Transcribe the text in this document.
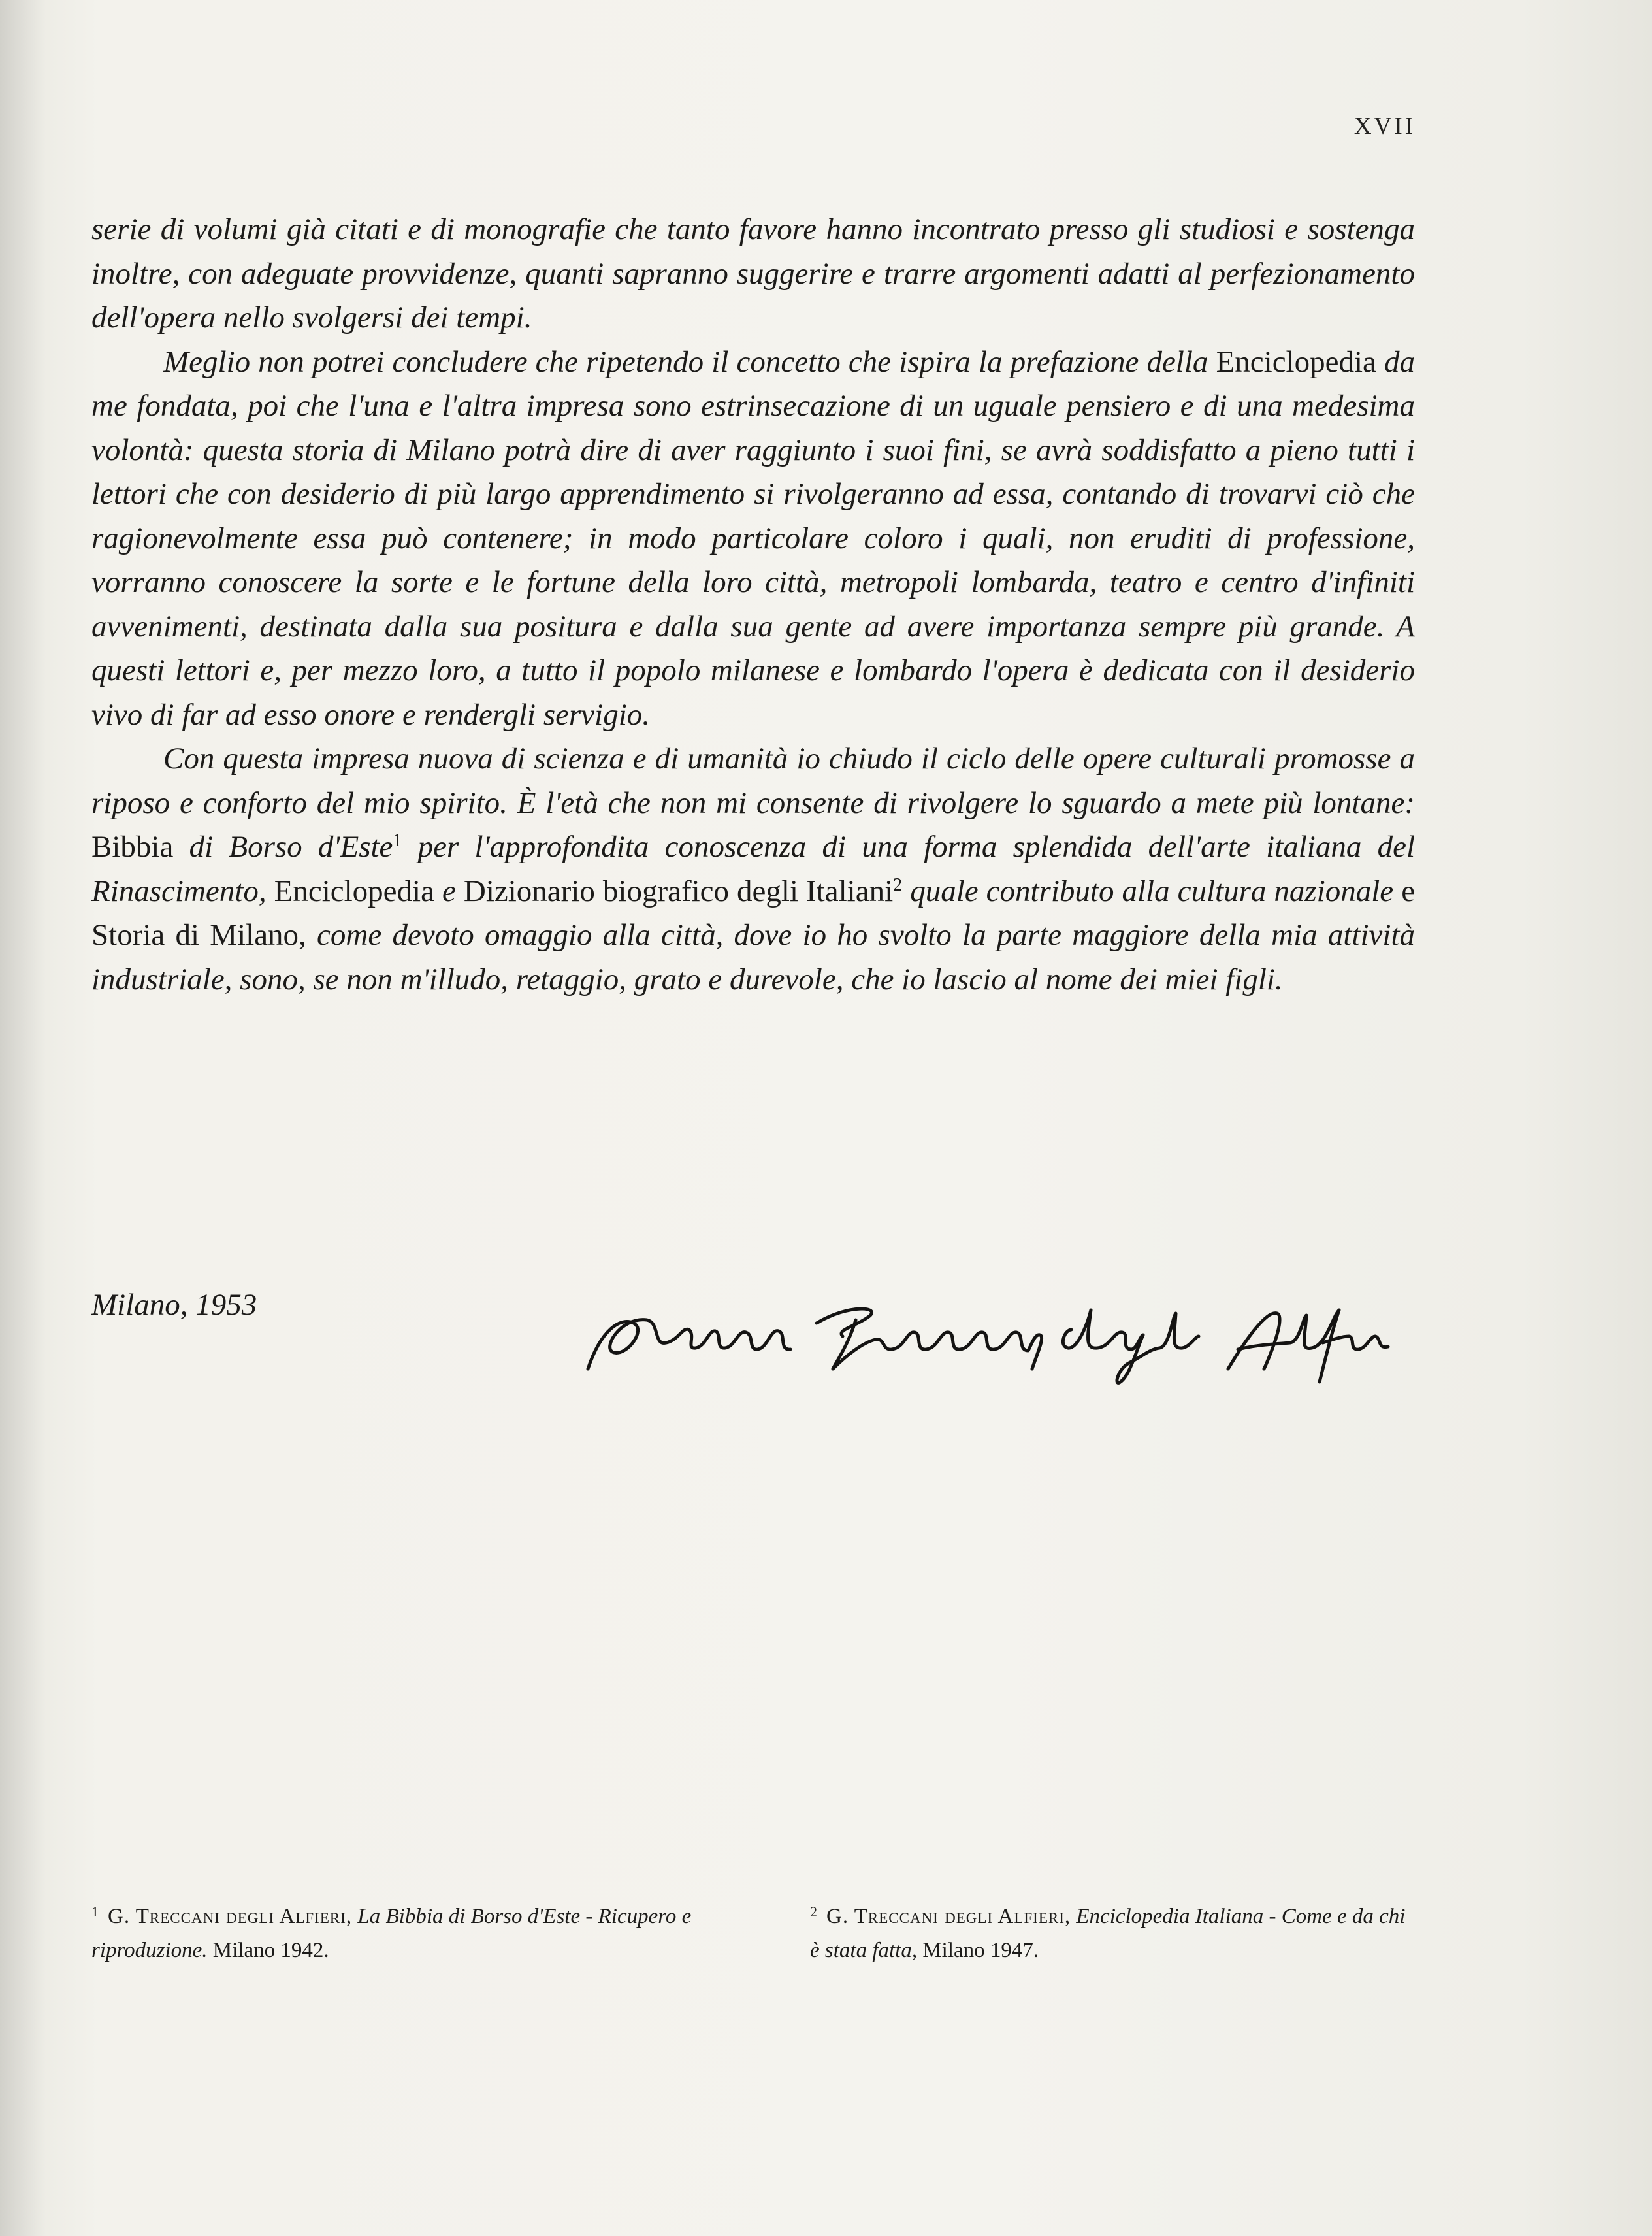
XVII

serie di volumi già citati e di monografie che tanto favore hanno incontrato presso gli studiosi e sostenga inoltre, con adeguate provvidenze, quanti sapranno suggerire e trarre argomenti adatti al perfezionamento dell'opera nello svolgersi dei tempi.

Meglio non potrei concludere che ripetendo il concetto che ispira la prefazione della Enciclopedia da me fondata, poi che l'una e l'altra impresa sono estrinsecazione di un uguale pensiero e di una medesima volontà: questa storia di Milano potrà dire di aver raggiunto i suoi fini, se avrà soddisfatto a pieno tutti i lettori che con desiderio di più largo apprendimento si rivolgeranno ad essa, contando di trovarvi ciò che ragionevolmente essa può contenere; in modo particolare coloro i quali, non eruditi di professione, vorranno conoscere la sorte e le fortune della loro città, metropoli lombarda, teatro e centro d'infiniti avvenimenti, destinata dalla sua positura e dalla sua gente ad avere importanza sempre più grande. A questi lettori e, per mezzo loro, a tutto il popolo milanese e lombardo l'opera è dedicata con il desiderio vivo di far ad esso onore e rendergli servigio.

Con questa impresa nuova di scienza e di umanità io chiudo il ciclo delle opere culturali promosse a riposo e conforto del mio spirito. È l'età che non mi consente di rivolgere lo sguardo a mete più lontane: Bibbia di Borso d'Este$^1$ per l'approfondita conoscenza di una forma splendida dell'arte italiana del Rinascimento, Enciclopedia e Dizionario biografico degli Italiani$^2$ quale contributo alla cultura nazionale e Storia di Milano, come devoto omaggio alla città, dove io ho svolto la parte maggiore della mia attività industriale, sono, se non m'illudo, retaggio, grato e durevole, che io lascio al nome dei miei figli.

Milano, 1953
$^1$ G. Treccani degli Alfieri, La Bibbia di Borso d'Este - Ricupero e riproduzione. Milano 1942.
$^2$ G. Treccani degli Alfieri, Enciclopedia Italiana - Come e da chi è stata fatta, Milano 1947.
